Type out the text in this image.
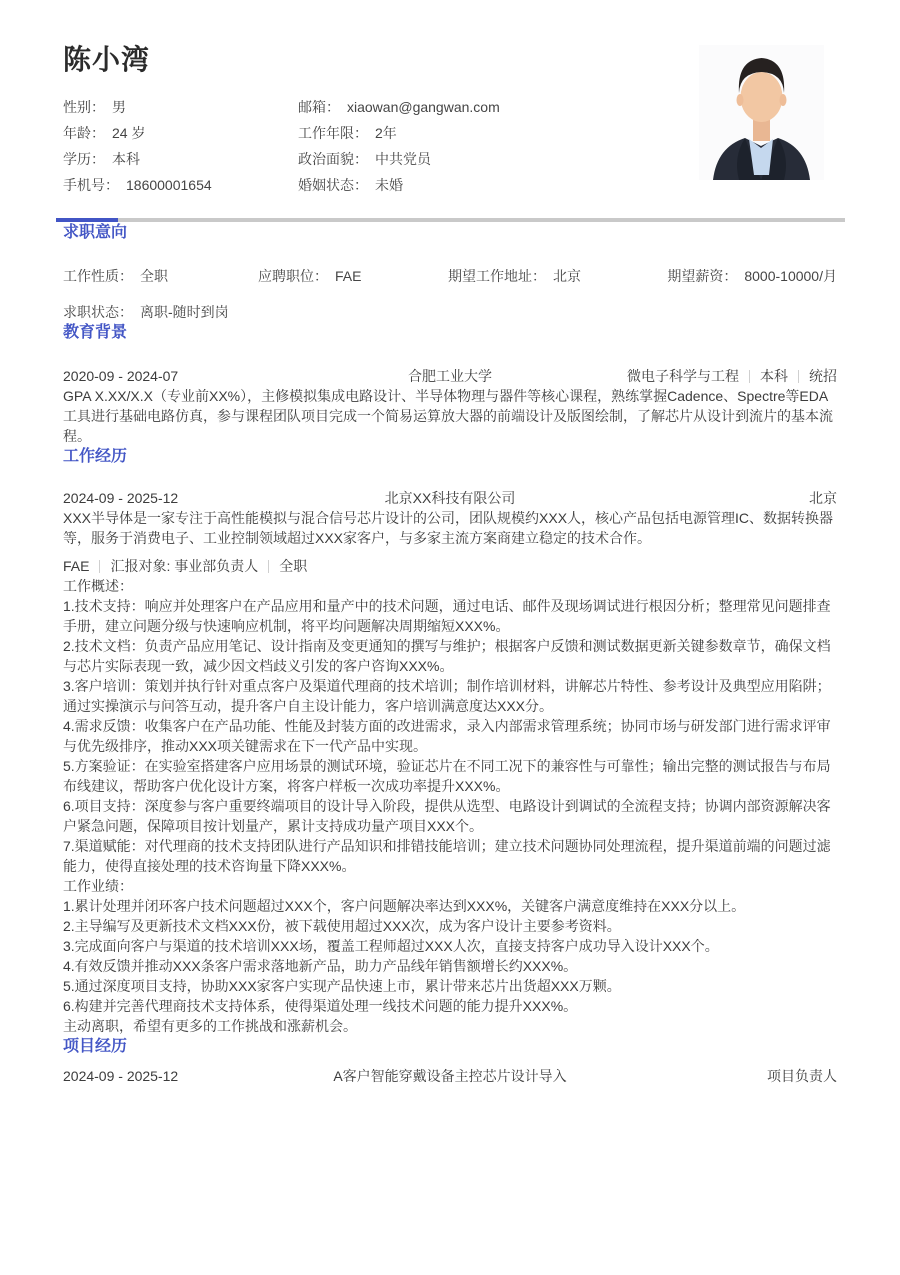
陈小湾
性别： 男
年龄： 24 岁
学历： 本科
手机号： 18600001654
邮箱： xiaowan@gangwan.com
工作年限： 2年
政治面貌： 中共党员
婚姻状态： 未婚
求职意向
工作性质： 全职	应聘职位： FAE	期望工作地址： 北京	期望薪资： 8000-10000/月
求职状态： 离职-随时到岗
教育背景
2020-09 - 2024-07	合肥工业大学	微电子科学与工程 本科 统招

GPA X.XX/X.X（专业前XX%），主修模拟集成电路设计、半导体物理与器件等核心课程，熟练掌握Cadence、Spectre等EDA工具进行基础电路仿真，参与课程团队项目完成一个简易运算放大器的前端设计及版图绘制，了解芯片从设计到流片的基本流程。

工作经历
2024-09 - 2025-12	北京XX科技有限公司	北京

XXX半导体是一家专注于高性能模拟与混合信号芯片设计的公司，团队规模约XXX人，核心产品包括电源管理IC、数据转换器等，服务于消费电子、工业控制领域超过XXX家客户，与多家主流方案商建立稳定的技术合作。

FAE 汇报对象: 事业部负责人 全职

工作概述：

1.技术支持：响应并处理客户在产品应用和量产中的技术问题，通过电话、邮件及现场调试进行根因分析；整理常见问题排查手册，建立问题分级与快速响应机制，将平均问题解决周期缩短XXX%。

2.技术文档：负责产品应用笔记、设计指南及变更通知的撰写与维护；根据客户反馈和测试数据更新关键参数章节，确保文档与芯片实际表现一致，减少因文档歧义引发的客户咨询XXX%。

3.客户培训：策划并执行针对重点客户及渠道代理商的技术培训；制作培训材料，讲解芯片特性、参考设计及典型应用陷阱；通过实操演示与问答互动，提升客户自主设计能力，客户培训满意度达XXX分。

4.需求反馈：收集客户在产品功能、性能及封装方面的改进需求，录入内部需求管理系统；协同市场与研发部门进行需求评审与优先级排序，推动XXX项关键需求在下一代产品中实现。

5.方案验证：在实验室搭建客户应用场景的测试环境，验证芯片在不同工况下的兼容性与可靠性；输出完整的测试报告与布局布线建议，帮助客户优化设计方案，将客户样板一次成功率提升XXX%。

6.项目支持：深度参与客户重要终端项目的设计导入阶段，提供从选型、电路设计到调试的全流程支持；协调内部资源解决客户紧急问题，保障项目按计划量产，累计支持成功量产项目XXX个。

7.渠道赋能：对代理商的技术支持团队进行产品知识和排错技能培训；建立技术问题协同处理流程，提升渠道前端的问题过滤能力，使得直接处理的技术咨询量下降XXX%。

工作业绩：

1.累计处理并闭环客户技术问题超过XXX个，客户问题解决率达到XXX%，关键客户满意度维持在XXX分以上。

2.主导编写及更新技术文档XXX份，被下载使用超过XXX次，成为客户设计主要参考资料。

3.完成面向客户与渠道的技术培训XXX场，覆盖工程师超过XXX人次，直接支持客户成功导入设计XXX个。

4.有效反馈并推动XXX条客户需求落地新产品，助力产品线年销售额增长约XXX%。

5.通过深度项目支持，协助XXX家客户实现产品快速上市，累计带来芯片出货超XXX万颗。

6.构建并完善代理商技术支持体系，使得渠道处理一线技术问题的能力提升XXX%。

主动离职，希望有更多的工作挑战和涨薪机会。

项目经历
2024-09 - 2025-12	A客户智能穿戴设备主控芯片设计导入	项目负责人
